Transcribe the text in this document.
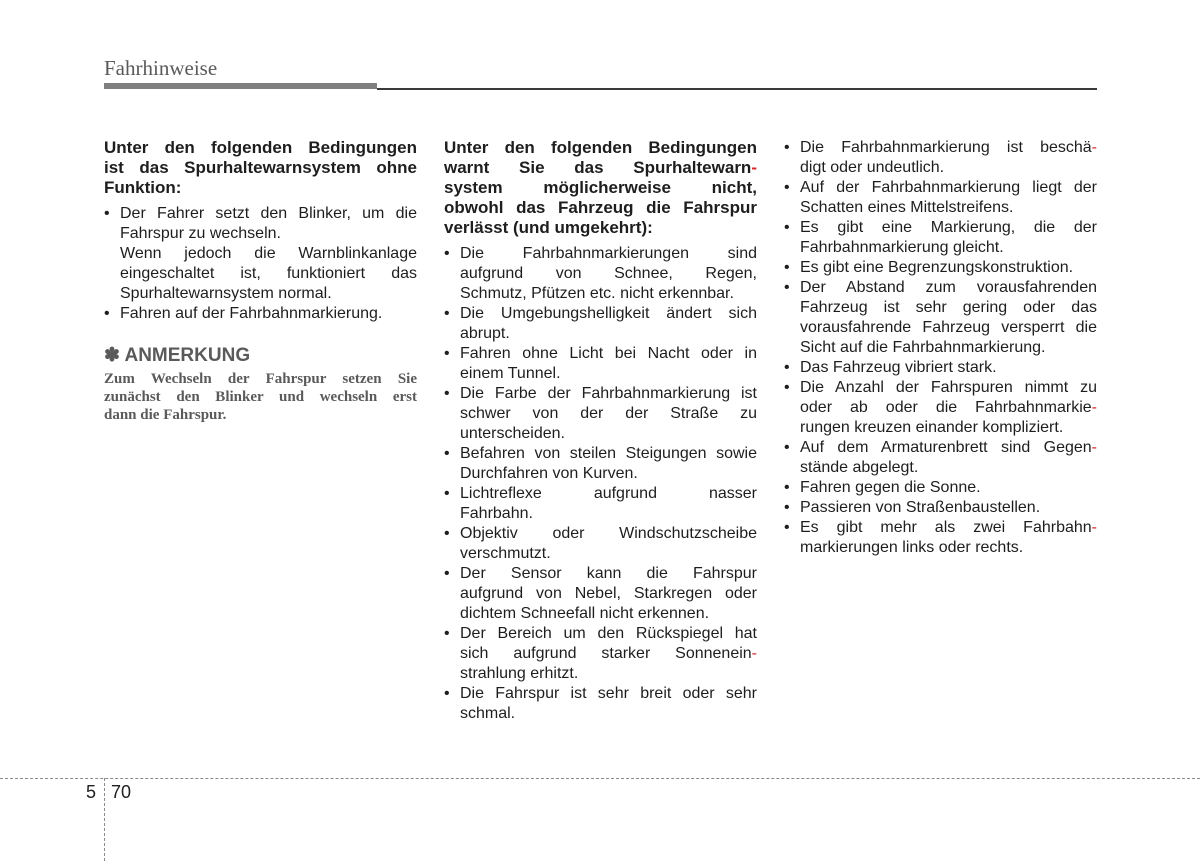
Fahrhinweise
Unter den folgenden Bedingungen
ist das Spurhaltewarnsystem ohne
Funktion:
• Der Fahrer setzt den Blinker, um die
Fahrspur zu wechseln.
Wenn jedoch die Warnblinkanlage
eingeschaltet ist, funktioniert das
Spurhaltewarnsystem normal.
• Fahren auf der Fahrbahnmarkierung.
✽ ANMERKUNG
Zum Wechseln der Fahrspur setzen Sie
zunächst den Blinker und wechseln erst
dann die Fahrspur.
Unter den folgenden Bedingungen
warnt Sie das Spurhaltewarn-
system möglicherweise nicht,
obwohl das Fahrzeug die Fahrspur
verlässt (und umgekehrt):
• Die Fahrbahnmarkierungen sind
aufgrund von Schnee, Regen,
Schmutz, Pfützen etc. nicht erkennbar.
• Die Umgebungshelligkeit ändert sich
abrupt.
• Fahren ohne Licht bei Nacht oder in
einem Tunnel.
• Die Farbe der Fahrbahnmarkierung ist
schwer von der der Straße zu
unterscheiden.
• Befahren von steilen Steigungen sowie
Durchfahren von Kurven.
• Lichtreflexe aufgrund nasser
Fahrbahn.
• Objektiv oder Windschutzscheibe
verschmutzt.
• Der Sensor kann die Fahrspur
aufgrund von Nebel, Starkregen oder
dichtem Schneefall nicht erkennen.
• Der Bereich um den Rückspiegel hat
sich aufgrund starker Sonnenein-
strahlung erhitzt.
• Die Fahrspur ist sehr breit oder sehr
schmal.
• Die Fahrbahnmarkierung ist beschä-
digt oder undeutlich.
• Auf der Fahrbahnmarkierung liegt der
Schatten eines Mittelstreifens.
• Es gibt eine Markierung, die der
Fahrbahnmarkierung gleicht.
• Es gibt eine Begrenzungskonstruktion.
• Der Abstand zum vorausfahrenden
Fahrzeug ist sehr gering oder das
vorausfahrende Fahrzeug versperrt die
Sicht auf die Fahrbahnmarkierung.
• Das Fahrzeug vibriert stark.
• Die Anzahl der Fahrspuren nimmt zu
oder ab oder die Fahrbahnmarkie-
rungen kreuzen einander kompliziert.
• Auf dem Armaturenbrett sind Gegen-
stände abgelegt.
• Fahren gegen die Sonne.
• Passieren von Straßenbaustellen.
• Es gibt mehr als zwei Fahrbahn-
markierungen links oder rechts.
5 70
